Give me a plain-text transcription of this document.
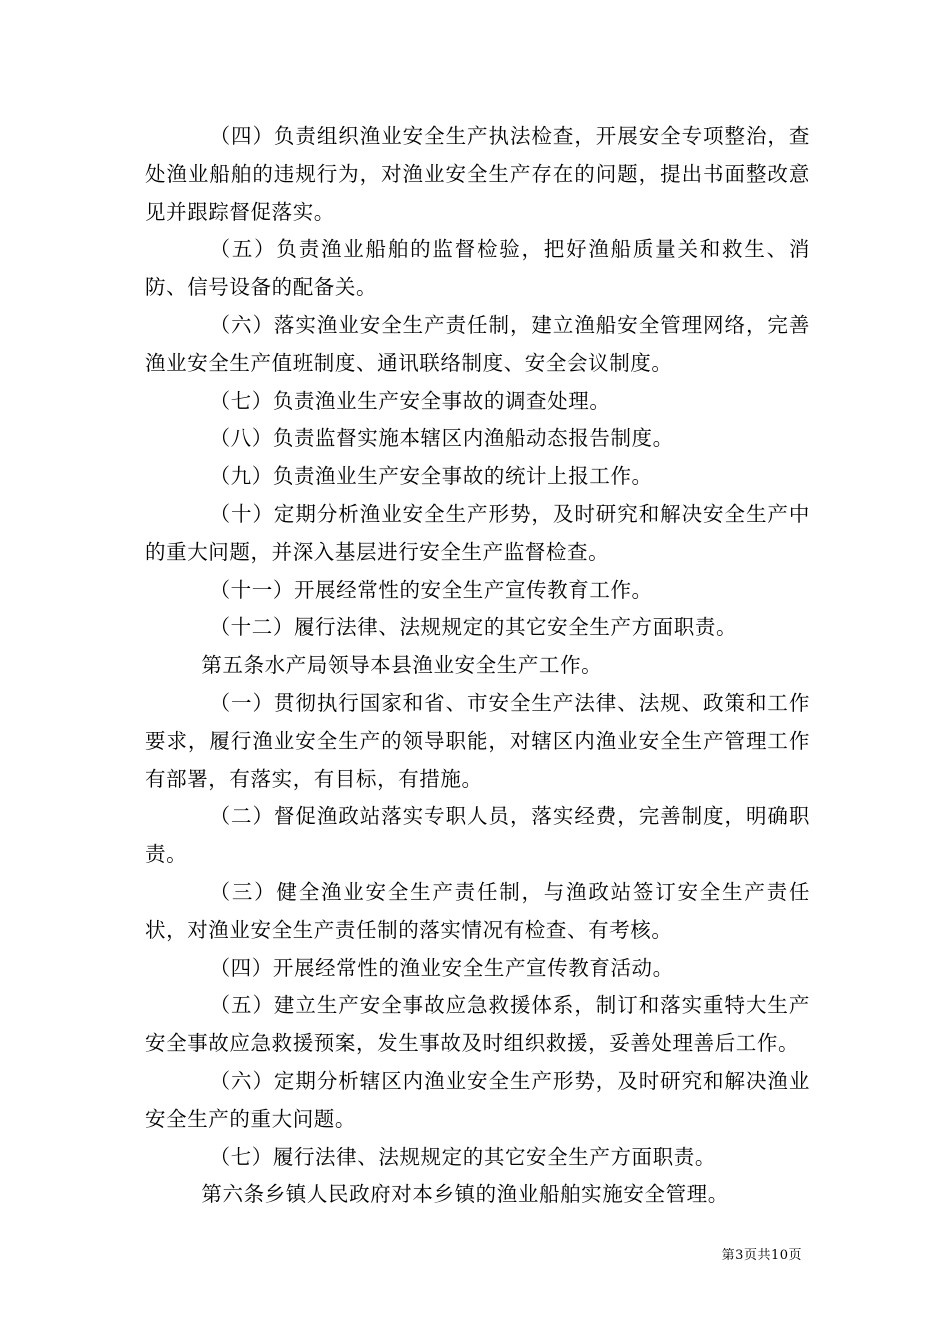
（四）负责组织渔业安全生产执法检查，开展安全专项整治，查处渔业船舶的违规行为，对渔业安全生产存在的问题，提出书面整改意见并跟踪督促落实。

（五）负责渔业船舶的监督检验，把好渔船质量关和救生、消防、信号设备的配备关。

（六）落实渔业安全生产责任制，建立渔船安全管理网络，完善渔业安全生产值班制度、通讯联络制度、安全会议制度。

（七）负责渔业生产安全事故的调查处理。

（八）负责监督实施本辖区内渔船动态报告制度。

（九）负责渔业生产安全事故的统计上报工作。

（十）定期分析渔业安全生产形势，及时研究和解决安全生产中的重大问题，并深入基层进行安全生产监督检查。

（十一）开展经常性的安全生产宣传教育工作。

（十二）履行法律、法规规定的其它安全生产方面职责。

第五条水产局领导本县渔业安全生产工作。

（一）贯彻执行国家和省、市安全生产法律、法规、政策和工作要求，履行渔业安全生产的领导职能，对辖区内渔业安全生产管理工作有部署，有落实，有目标，有措施。

（二）督促渔政站落实专职人员，落实经费，完善制度，明确职责。

（三）健全渔业安全生产责任制，与渔政站签订安全生产责任状，对渔业安全生产责任制的落实情况有检查、有考核。

（四）开展经常性的渔业安全生产宣传教育活动。

（五）建立生产安全事故应急救援体系，制订和落实重特大生产安全事故应急救援预案，发生事故及时组织救援，妥善处理善后工作。

（六）定期分析辖区内渔业安全生产形势，及时研究和解决渔业安全生产的重大问题。

（七）履行法律、法规规定的其它安全生产方面职责。

第六条乡镇人民政府对本乡镇的渔业船舶实施安全管理。

第3页共10页
